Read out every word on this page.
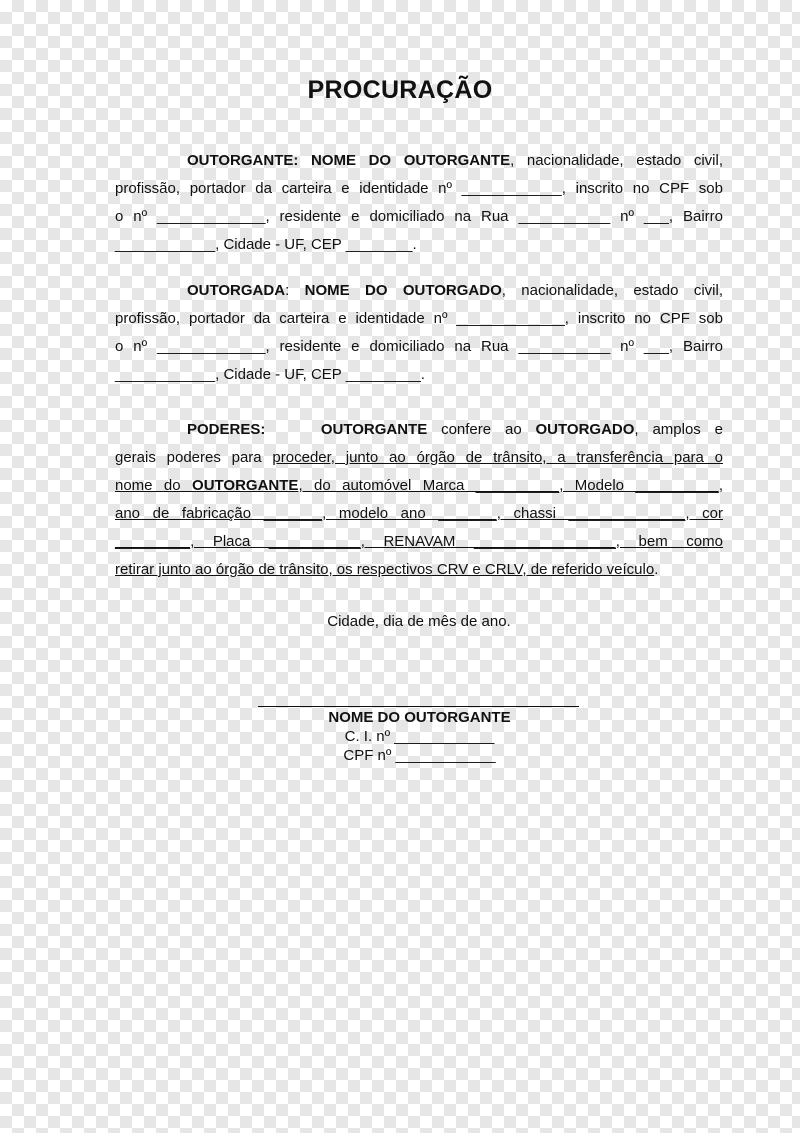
PROCURAÇÃO
OUTORGANTE: NOME DO OUTORGANTE, nacionalidade, estado civil,
profissão, portador da carteira e identidade nº ____________, inscrito no CPF sob
o nº _____________, residente e domiciliado na Rua ___________ nº ___, Bairro
____________, Cidade - UF, CEP ________.
OUTORGADA: NOME DO OUTORGADO, nacionalidade, estado civil,
profissão, portador da carteira e identidade nº _____________, inscrito no CPF sob
o nº _____________, residente e domiciliado na Rua ___________ nº ___, Bairro
____________, Cidade - UF, CEP _________.
PODERES:	OUTORGANTE confere ao OUTORGADO, amplos e
gerais poderes para proceder, junto ao órgão de trânsito, a transferência para o
nome do OUTORGANTE, do automóvel Marca __________, Modelo __________,
ano de fabricação _______, modelo ano _______, chassi ______________, cor
_________, Placa ___________, RENAVAM _________________, bem como
retirar junto ao órgão de trânsito, os respectivos CRV e CRLV, de referido veículo.
Cidade, dia de mês de ano.
NOME DO OUTORGANTE
C. I. nº ____________
CPF nº ____________
